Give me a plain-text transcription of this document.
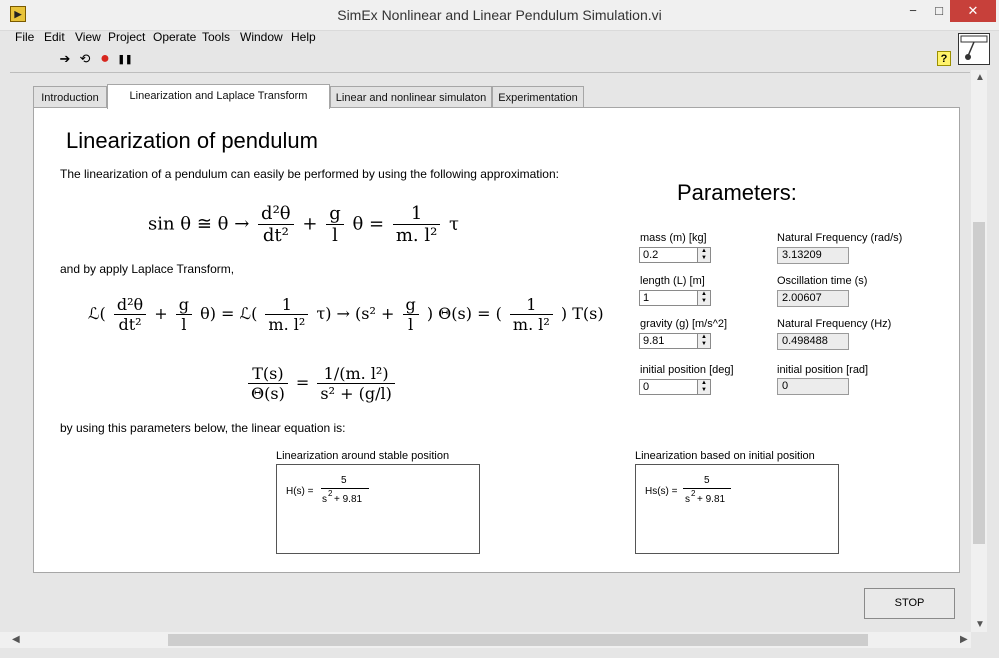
▶	SimEx Nonlinear and Linear Pendulum Simulation.vi	−	□	✕
File Edit View Project Operate Tools Window Help
➔ ⟲ ● ❚❚	?
Introduction	Linearization and Laplace Transform	Linear and nonlinear simulaton	Experimentation
Linearization of pendulum
The linearization of a pendulum can easily be performed by using the following approximation:
and by apply Laplace Transform,
by using this parameters below, the linear equation is:
sin θ ≅ $\theta \to \frac{\text{d²θ}}{\text{dt²}} + \frac{g}{l}$ $\theta = \frac{1}{\text{m. l²}}$ τ
ℒ( $\frac{\text{d²θ}}{\text{dt²}} + \frac{g}{l} \theta$) = ℒ( $\frac{1}{\text{m. l²}} \tau) \to (s^2 + \frac{g}{l}$ ) Θ(s) = ( $\frac{1}{\text{m. l²}}$ ) T(s)
$\frac{T(s)}{\Theta(s)} = \frac{\text{1/(m. l²)}}{\text{s² + (g/l)}}$
Parameters:
mass (m) [kg]
0.2	▲
▼
length (L) [m]
1	▲
▼
gravity (g) [m/s^2]
9.81	▲
▼
initial position [deg]
0	▲
▼
Natural Frequency (rad/s)
3.13209
Oscillation time (s)
2.00607
Natural Frequency (Hz)
0.498488
initial position [rad]
0
Linearization around stable position
H(s) =
5
s
2
+ 9.81
Linearization based on initial position
Hs(s) =
5
s
2
+ 9.81
STOP
▲
▼
◀	▶
